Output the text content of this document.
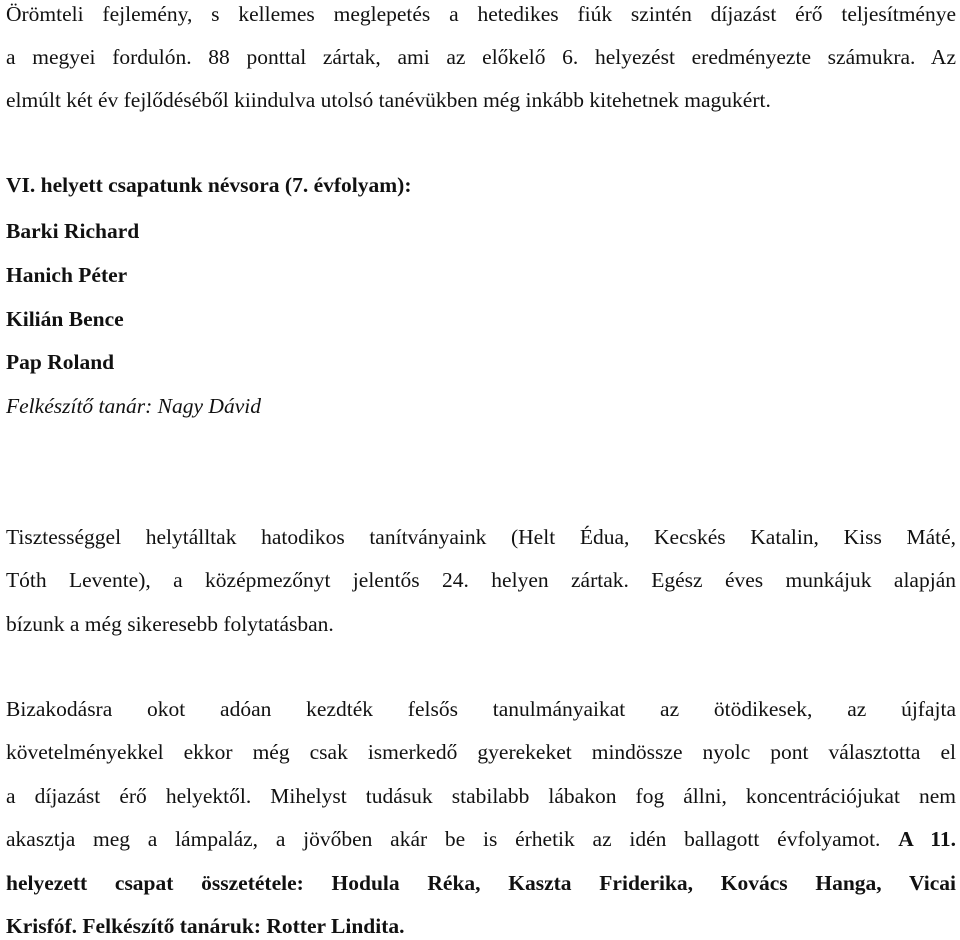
Örömteli fejlemény, s kellemes meglepetés a hetedikes fiúk szintén díjazást érő teljesítménye
a megyei fordulón. 88 ponttal zártak, ami az előkelő 6. helyezést eredményezte számukra. Az
elmúlt két év fejlődéséből kiindulva utolsó tanévükben még inkább kitehetnek magukért.
VI. helyett csapatunk névsora (7. évfolyam):
Barki Richard
Hanich Péter
Kilián Bence
Pap Roland
Felkészítő tanár: Nagy Dávid
Tisztességgel helytálltak hatodikos tanítványaink (Helt Édua, Kecskés Katalin, Kiss Máté,
Tóth Levente), a középmezőnyt jelentős 24. helyen zártak. Egész éves munkájuk alapján
bízunk a még sikeresebb folytatásban.
Bizakodásra okot adóan kezdték felsős tanulmányaikat az ötödikesek, az újfajta
követelményekkel ekkor még csak ismerkedő gyerekeket mindössze nyolc pont választotta el
a díjazást érő helyektől. Mihelyst tudásuk stabilabb lábakon fog állni, koncentrációjukat nem
akasztja meg a lámpaláz, a jövőben akár be is érhetik az idén ballagott évfolyamot. A 11.
helyezett csapat összetétele: Hodula Réka, Kaszta Friderika, Kovács Hanga, Vicai
Krisfóf. Felkészítő tanáruk: Rotter Lindita.
